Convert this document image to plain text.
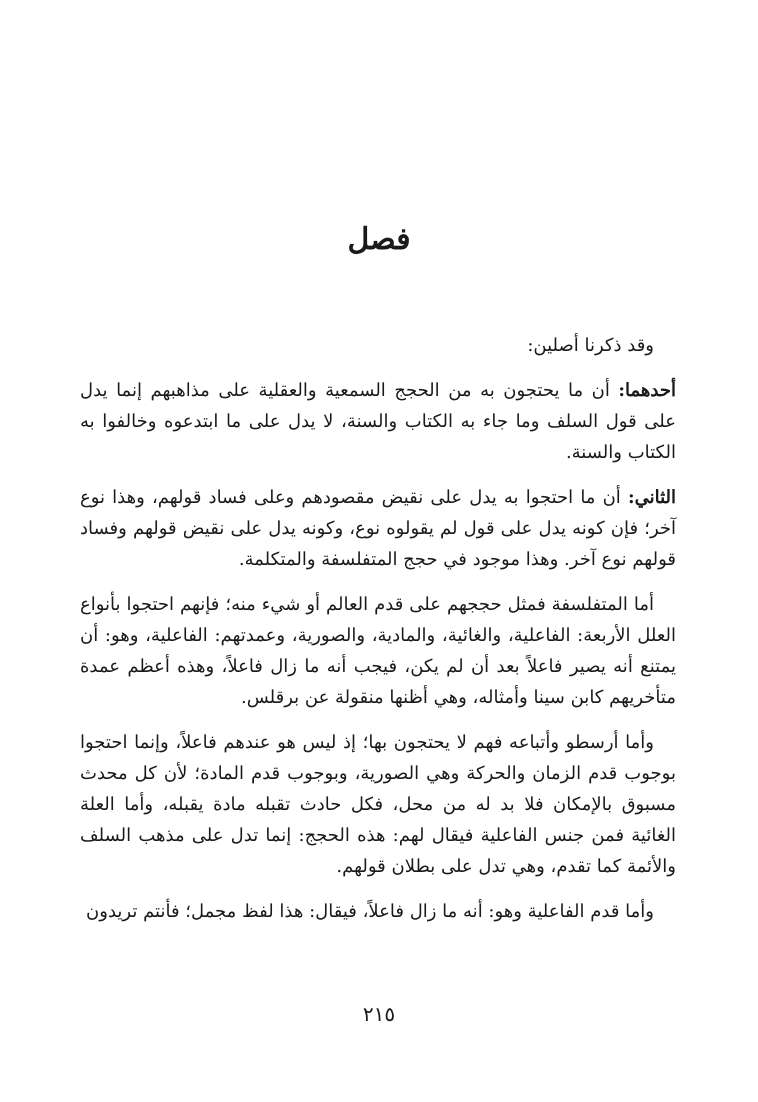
فصل

وقد ذكرنا أصلين:

أحدهما: أن ما يحتجون به من الحجج السمعية والعقلية على مذاهبهم إنما يدل على قول السلف وما جاء به الكتاب والسنة، لا يدل على ما ابتدعوه وخالفوا به الكتاب والسنة.

الثاني: أن ما احتجوا به يدل على نقيض مقصودهم وعلى فساد قولهم، وهذا نوع آخر؛ فإن كونه يدل على قول لم يقولوه نوع، وكونه يدل على نقيض قولهم وفساد قولهم نوع آخر. وهذا موجود في حجج المتفلسفة والمتكلمة.

أما المتفلسفة فمثل حججهم على قدم العالم أو شيء منه؛ فإنهم احتجوا بأنواع العلل الأربعة: الفاعلية، والغائية، والمادية، والصورية، وعمدتهم: الفاعلية، وهو: أن يمتنع أنه يصير فاعلاً بعد أن لم يكن، فيجب أنه ما زال فاعلاً، وهذه أعظم عمدة متأخريهم كابن سينا وأمثاله، وهي أظنها منقولة عن برقلس.

وأما أرسطو وأتباعه فهم لا يحتجون بها؛ إذ ليس هو عندهم فاعلاً، وإنما احتجوا بوجوب قدم الزمان والحركة وهي الصورية، وبوجوب قدم المادة؛ لأن كل محدث مسبوق بالإمكان فلا بد له من محل، فكل حادث تقبله مادة يقبله، وأما العلة الغائية فمن جنس الفاعلية فيقال لهم: هذه الحجج: إنما تدل على مذهب السلف والأئمة كما تقدم، وهي تدل على بطلان قولهم.

وأما قدم الفاعلية وهو: أنه ما زال فاعلاً، فيقال: هذا لفظ مجمل؛ فأنتم تريدون

٢١٥
